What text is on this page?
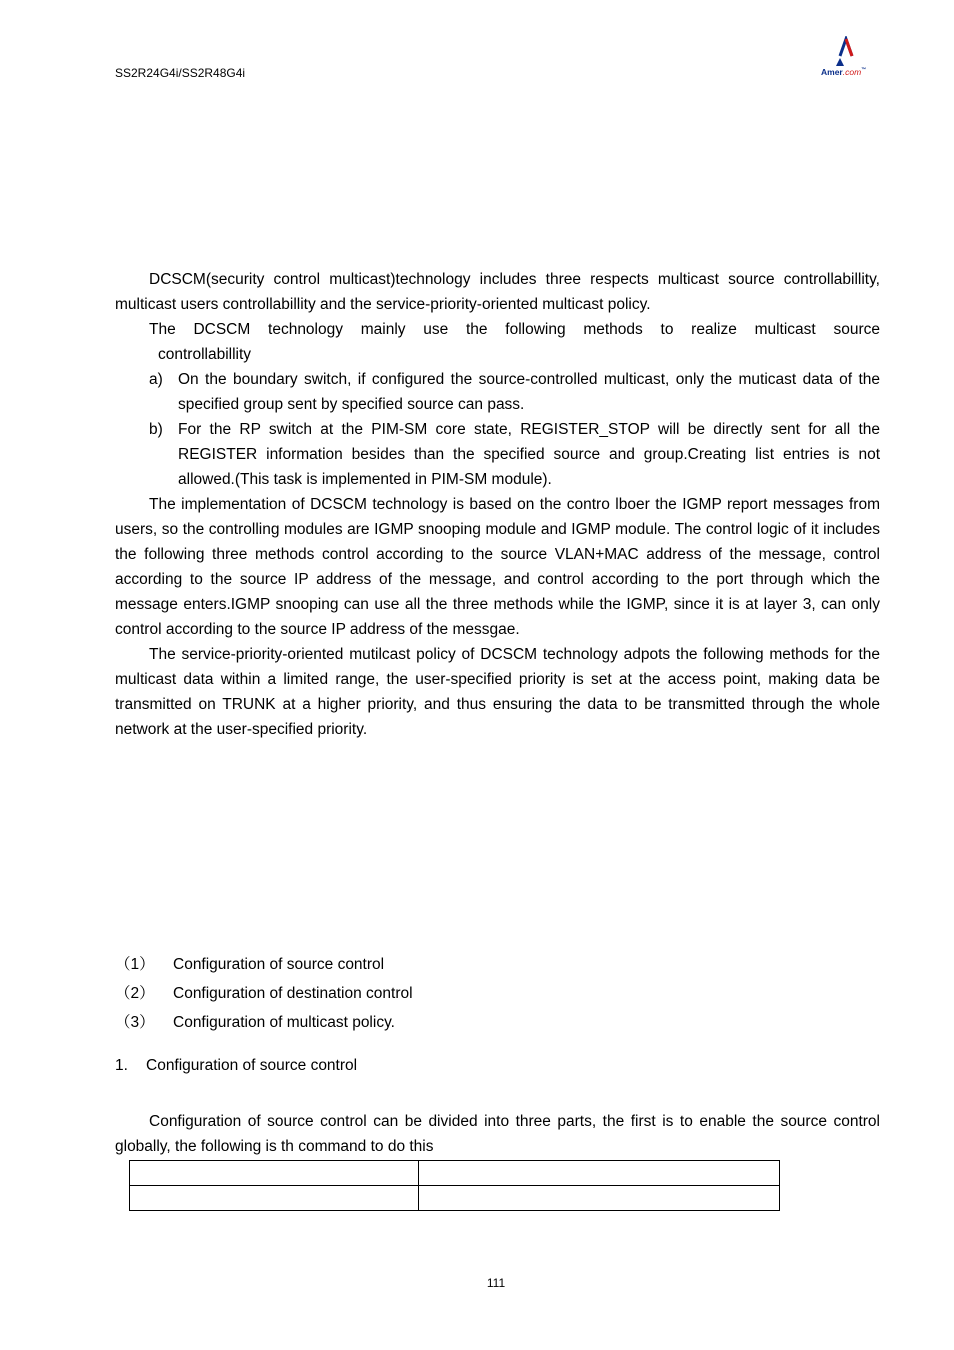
SS2R24G4i/SS2R48G4i	Amer.com™

DCSCM(security control multicast)technology includes three respects multicast source controllabillity, multicast users controllabillity and the service-priority-oriented multicast policy.

The DCSCM technology mainly use the following methods to realize multicast source

controllabillity

a) On the boundary switch, if configured the source-controlled multicast, only the muticast data of the specified group sent by specified source can pass.

b) For the RP switch at the PIM-SM core state, REGISTER_STOP will be directly sent for all the REGISTER information besides than the specified source and group.Creating list entries is not allowed.(This task is implemented in PIM-SM module).

The implementation of DCSCM technology is based on the contro lboer the IGMP report messages from users, so the controlling modules are IGMP snooping module and IGMP module. The control logic of it includes the following three methods control according to the source VLAN+MAC address of the message, control according to the source IP address of the message, and control according to the port through which the message enters.IGMP snooping can use all the three methods while the IGMP, since it is at layer 3, can only control according to the source IP address of the messgae.

The service-priority-oriented mutilcast policy of DCSCM technology adpots the following methods for the multicast data within a limited range, the user-specified priority is set at the access point, making data be transmitted on TRUNK at a higher priority, and thus ensuring the data to be transmitted through the whole network at the user-specified priority.

（1）	Configuration of source control
（2）	Configuration of destination control
（3）	Configuration of multicast policy.
1. Configuration of source control

Configuration of source control can be divided into three parts, the first is to enable the source control globally, the following is th command to do this

111
